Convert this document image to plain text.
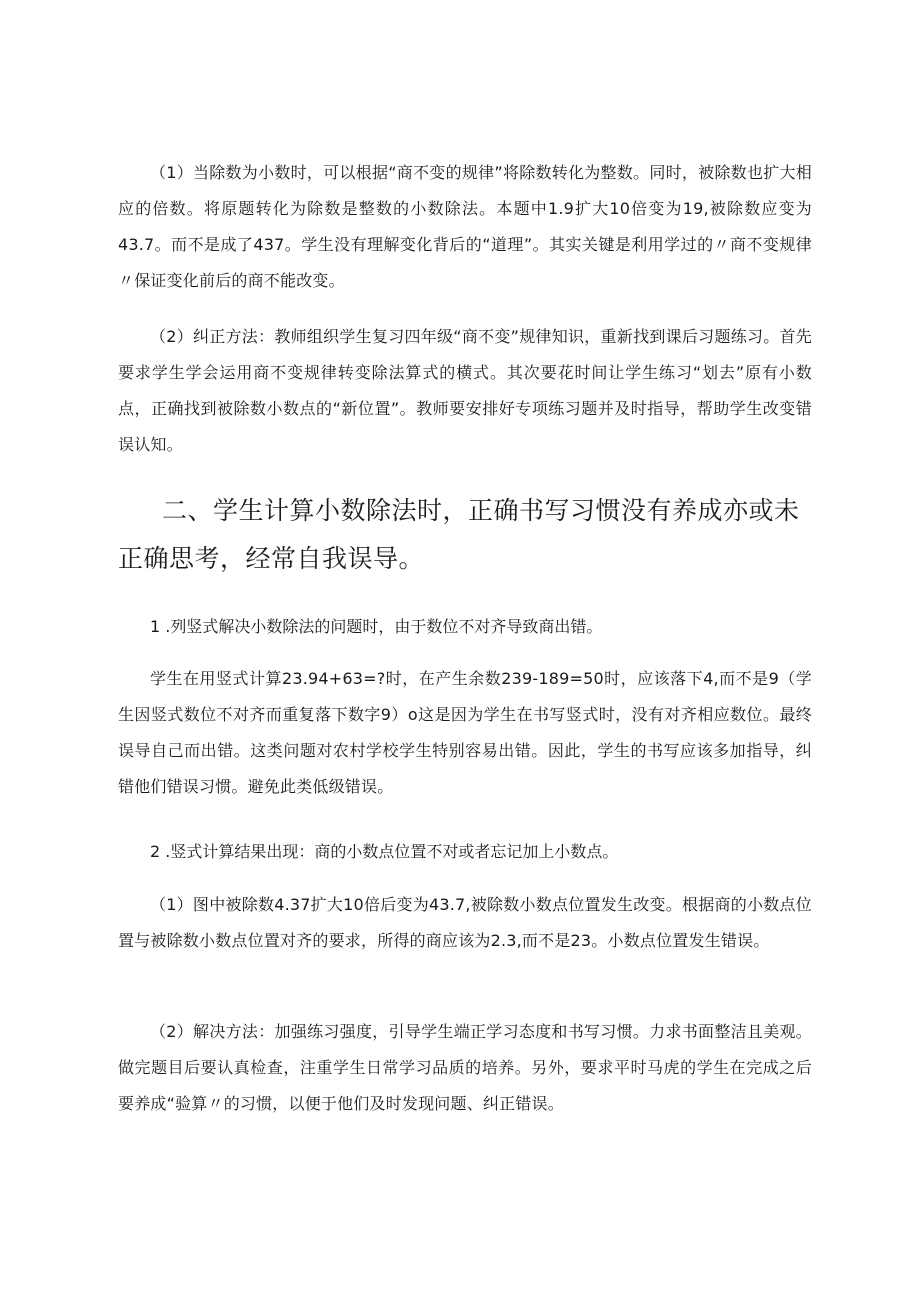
（1）当除数为小数时，可以根据“商不变的规律”将除数转化为整数。同时，被除数也扩大相应的倍数。将原题转化为除数是整数的小数除法。本题中1.9扩大10倍变为19,被除数应变为43.7。而不是成了437。学生没有理解变化背后的“道理”。其实关键是利用学过的〃商不变规律〃保证变化前后的商不能改变。

（2）纠正方法：教师组织学生复习四年级“商不变”规律知识，重新找到课后习题练习。首先要求学生学会运用商不变规律转变除法算式的横式。其次要花时间让学生练习“划去”原有小数点，正确找到被除数小数点的“新位置”。教师要安排好专项练习题并及时指导，帮助学生改变错误认知。

二、学生计算小数除法时，正确书写习惯没有养成亦或未正确思考，经常自我误导。

1 .列竖式解决小数除法的问题时，由于数位不对齐导致商出错。

学生在用竖式计算23.94+63=?时，在产生余数239-189=50时，应该落下4,而不是9（学生因竖式数位不对齐而重复落下数字9）o这是因为学生在书写竖式时，没有对齐相应数位。最终误导自己而出错。这类问题对农村学校学生特别容易出错。因此，学生的书写应该多加指导，纠错他们错误习惯。避免此类低级错误。

2 .竖式计算结果出现：商的小数点位置不对或者忘记加上小数点。

（1）图中被除数4.37扩大10倍后变为43.7,被除数小数点位置发生改变。根据商的小数点位置与被除数小数点位置对齐的要求，所得的商应该为2.3,而不是23。小数点位置发生错误。

（2）解决方法：加强练习强度，引导学生端正学习态度和书写习惯。力求书面整洁且美观。做完题目后要认真检查，注重学生日常学习品质的培养。另外，要求平时马虎的学生在完成之后要养成“验算〃的习惯，以便于他们及时发现问题、纠正错误。
